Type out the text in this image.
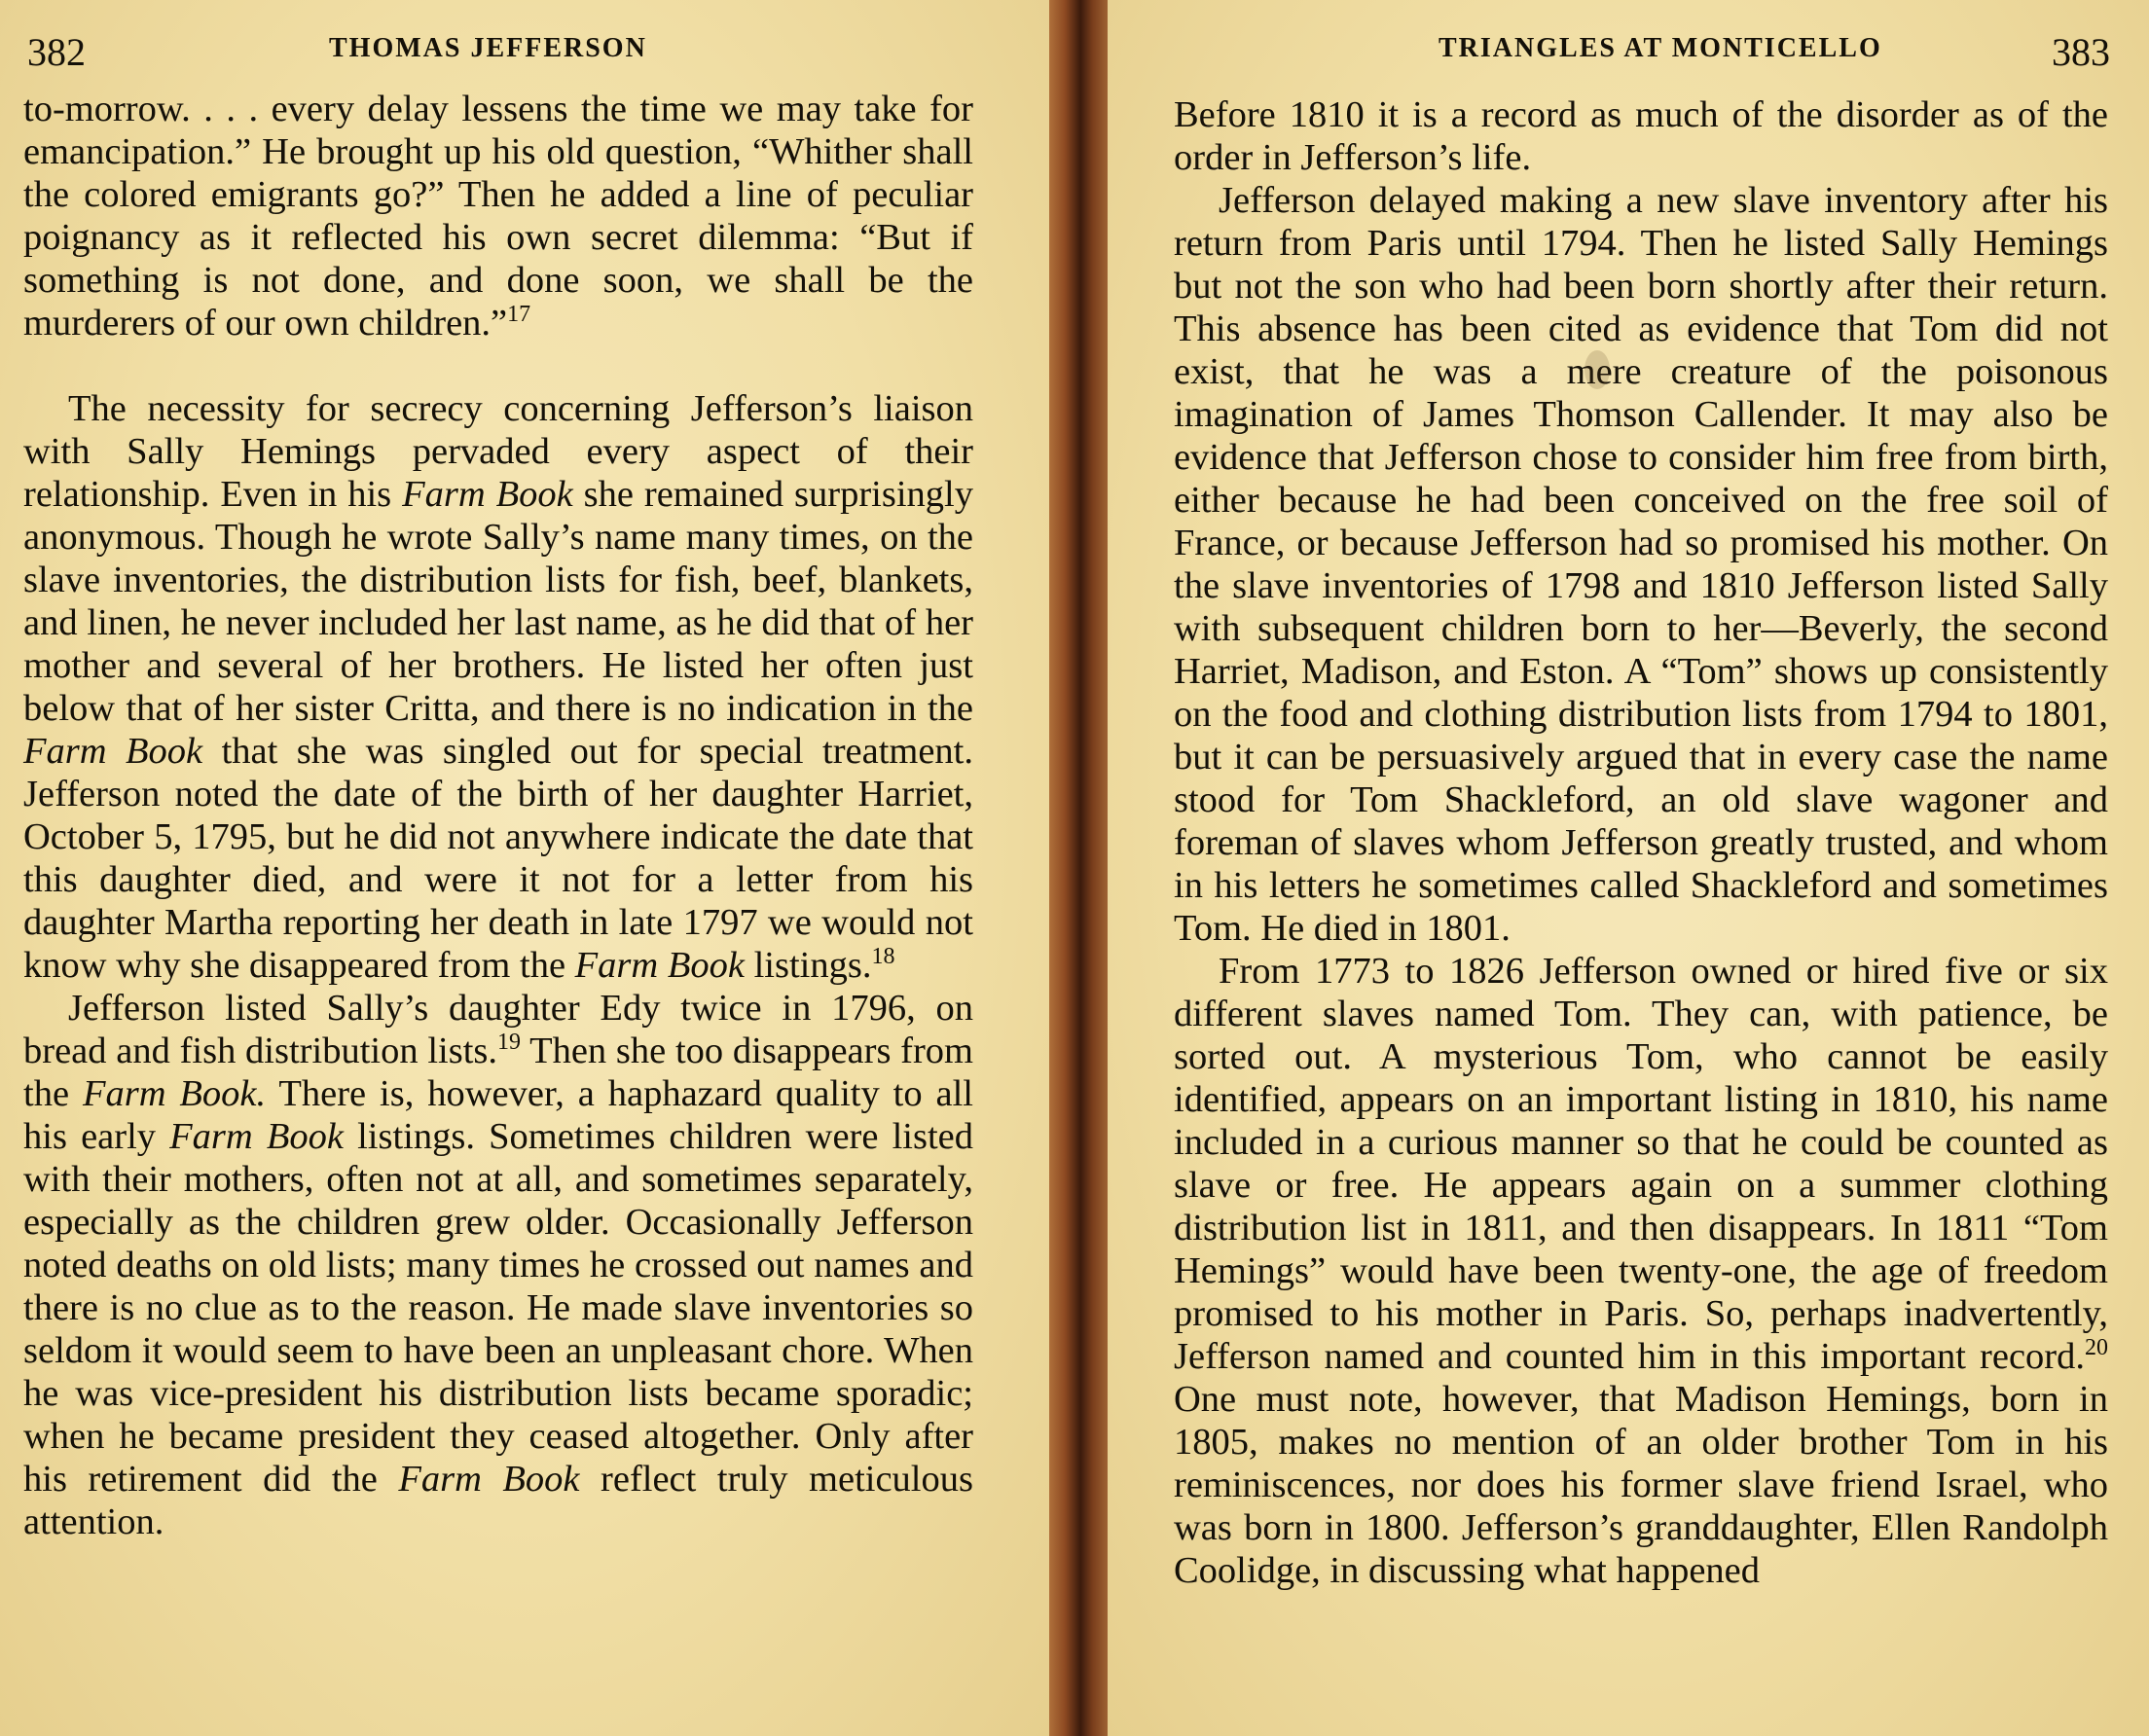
382	THOMAS JEFFERSON

to-morrow. . . . every delay lessens the time we may take for emancipation.” He brought up his old question, “Whither shall the colored emigrants go?” Then he added a line of peculiar poignancy as it reflected his own secret dilemma: “But if something is not done, and done soon, we shall be the murderers of our own children.”$^{17}$

The necessity for secrecy concerning Jefferson’s liaison with Sally Hemings pervaded every aspect of their relationship. Even in his Farm Book she remained surprisingly anonymous. Though he wrote Sally’s name many times, on the slave inventories, the distribution lists for fish, beef, blankets, and linen, he never included her last name, as he did that of her mother and several of her brothers. He listed her often just below that of her sister Critta, and there is no indication in the Farm Book that she was singled out for special treatment. Jefferson noted the date of the birth of her daughter Harriet, October 5, 1795, but he did not anywhere indicate the date that this daughter died, and were it not for a letter from his daughter Martha reporting her death in late 1797 we would not know why she disappeared from the Farm Book listings.$^{18}$

Jefferson listed Sally’s daughter Edy twice in 1796, on bread and fish distribution lists.$^{19}$ Then she too disappears from the Farm Book. There is, however, a haphazard quality to all his early Farm Book listings. Sometimes children were listed with their mothers, often not at all, and sometimes separately, especially as the children grew older. Occasionally Jefferson noted deaths on old lists; many times he crossed out names and there is no clue as to the reason. He made slave inventories so seldom it would seem to have been an unpleasant chore. When he was vice-president his distribution lists became sporadic; when he became president they ceased altogether. Only after his retirement did the Farm Book reflect truly meticulous attention.

TRIANGLES AT MONTICELLO	383

Before 1810 it is a record as much of the disorder as of the order in Jefferson’s life.

Jefferson delayed making a new slave inventory after his return from Paris until 1794. Then he listed Sally Hemings but not the son who had been born shortly after their return. This absence has been cited as evidence that Tom did not exist, that he was a mere creature of the poisonous imagination of James Thomson Callender. It may also be evidence that Jefferson chose to consider him free from birth, either because he had been conceived on the free soil of France, or because Jefferson had so promised his mother. On the slave inventories of 1798 and 1810 Jefferson listed Sally with subsequent children born to her—Beverly, the second Harriet, Madison, and Eston. A “Tom” shows up consistently on the food and clothing distribution lists from 1794 to 1801, but it can be persuasively argued that in every case the name stood for Tom Shackleford, an old slave wagoner and foreman of slaves whom Jefferson greatly trusted, and whom in his letters he sometimes called Shackleford and sometimes Tom. He died in 1801.

From 1773 to 1826 Jefferson owned or hired five or six different slaves named Tom. They can, with patience, be sorted out. A mysterious Tom, who cannot be easily identified, appears on an important listing in 1810, his name included in a curious manner so that he could be counted as slave or free. He appears again on a summer clothing distribution list in 1811, and then disappears. In 1811 “Tom Hemings” would have been twenty-one, the age of freedom promised to his mother in Paris. So, perhaps inadvertently, Jefferson named and counted him in this important record.$^{20}$ One must note, however, that Madison Hemings, born in 1805, makes no mention of an older brother Tom in his reminiscences, nor does his former slave friend Israel, who was born in 1800. Jefferson’s granddaughter, Ellen Randolph Coolidge, in discussing what happened
